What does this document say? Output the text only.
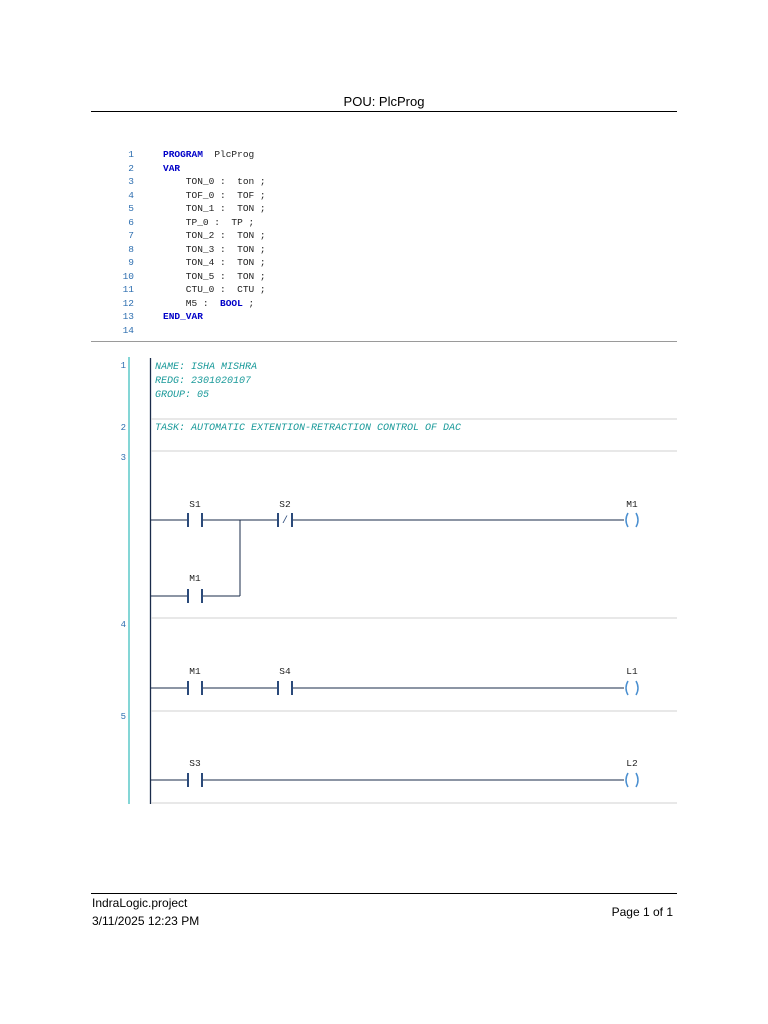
POU: PlcProg
1	PROGRAM  PlcProg
2	VAR
3	TON_0 :  ton ;
4	TOF_0 :  TOF ;
5	TON_1 :  TON ;
6	TP_0 :  TP ;
7	TON_2 :  TON ;
8	TON_3 :  TON ;
9	TON_4 :  TON ;
10	TON_5 :  TON ;
11	CTU_0 :  CTU ;
12	M5 :  BOOL ;
13	END_VAR
14
1
2
3
4
5
NAME: ISHA MISHRA
REDG: 2301020107
GROUP: 05
TASK: AUTOMATIC EXTENTION-RETRACTION CONTROL OF DAC
S1
/
S2
M1
M1
M1	S4	L1
S3	L2
IndraLogic.project
3/11/2025 12:23 PM
Page 1 of 1
